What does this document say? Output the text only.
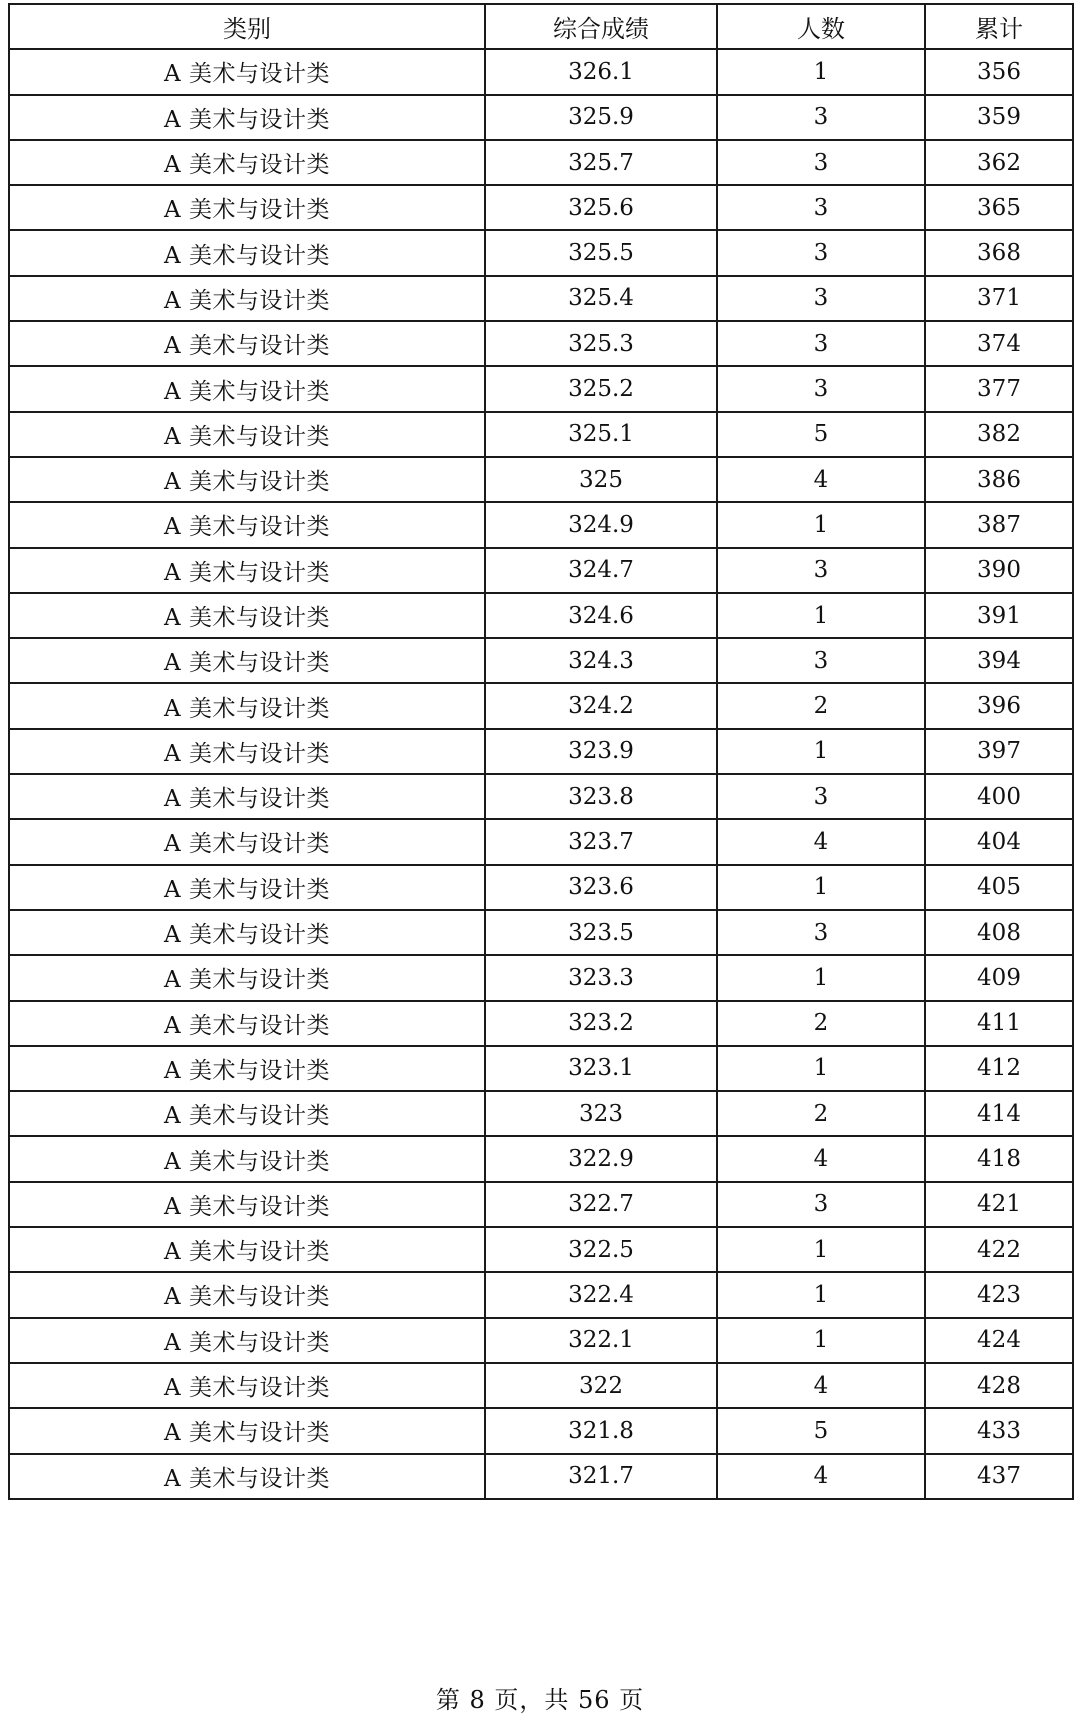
类别	综合成绩	人数	累计
A 美术与设计类	326.1	1	356
A 美术与设计类	325.9	3	359
A 美术与设计类	325.7	3	362
A 美术与设计类	325.6	3	365
A 美术与设计类	325.5	3	368
A 美术与设计类	325.4	3	371
A 美术与设计类	325.3	3	374
A 美术与设计类	325.2	3	377
A 美术与设计类	325.1	5	382
A 美术与设计类	325	4	386
A 美术与设计类	324.9	1	387
A 美术与设计类	324.7	3	390
A 美术与设计类	324.6	1	391
A 美术与设计类	324.3	3	394
A 美术与设计类	324.2	2	396
A 美术与设计类	323.9	1	397
A 美术与设计类	323.8	3	400
A 美术与设计类	323.7	4	404
A 美术与设计类	323.6	1	405
A 美术与设计类	323.5	3	408
A 美术与设计类	323.3	1	409
A 美术与设计类	323.2	2	411
A 美术与设计类	323.1	1	412
A 美术与设计类	323	2	414
A 美术与设计类	322.9	4	418
A 美术与设计类	322.7	3	421
A 美术与设计类	322.5	1	422
A 美术与设计类	322.4	1	423
A 美术与设计类	322.1	1	424
A 美术与设计类	322	4	428
A 美术与设计类	321.8	5	433
A 美术与设计类	321.7	4	437
第 8 页，共 56 页
